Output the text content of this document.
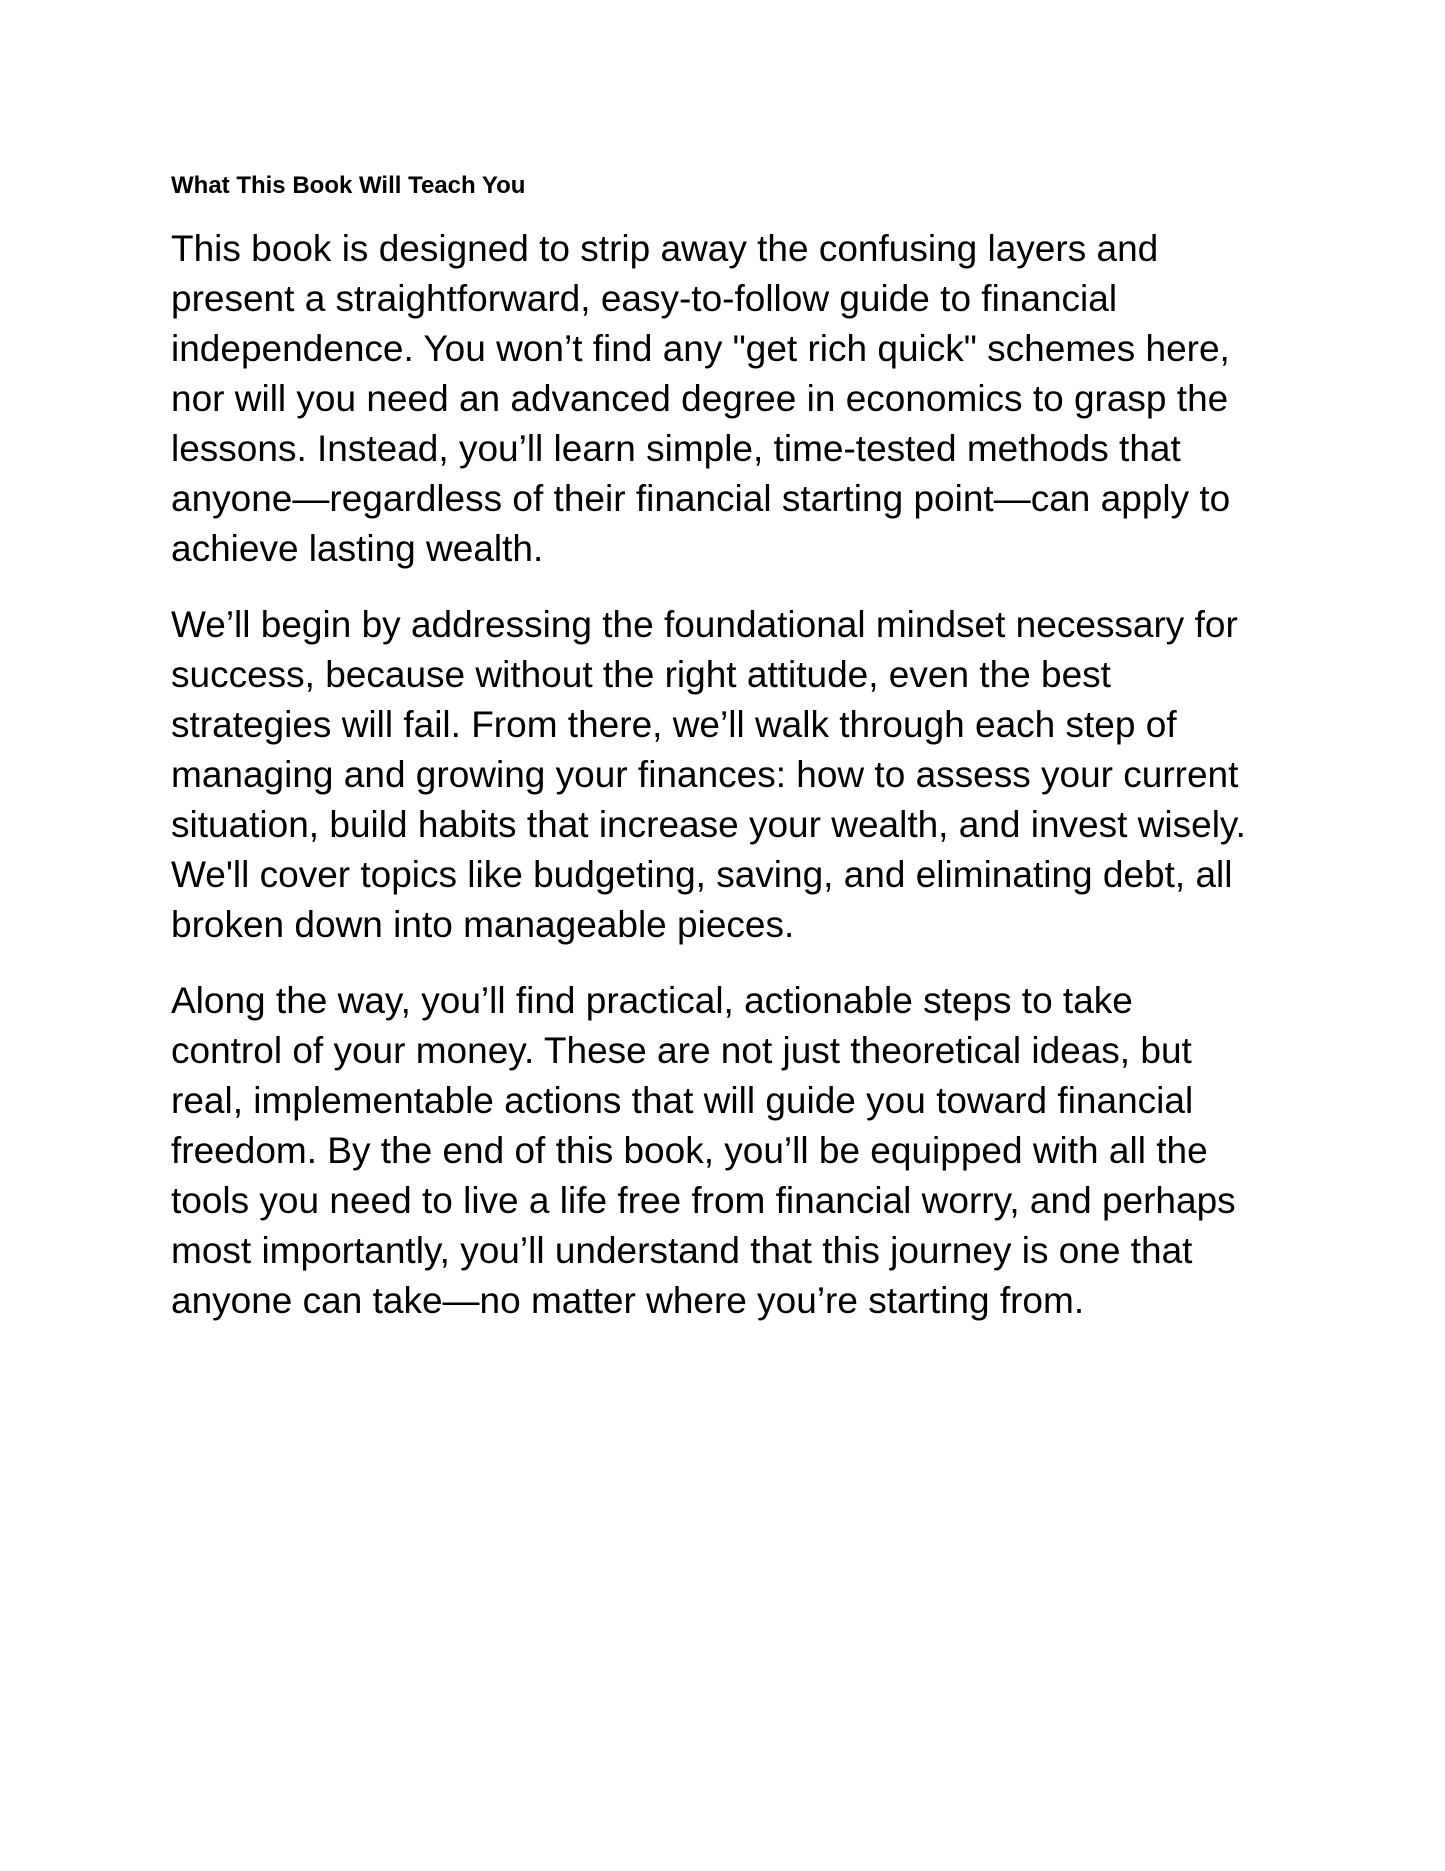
What This Book Will Teach You

This book is designed to strip away the confusing layers and
present a straightforward, easy-to-follow guide to financial
independence. You won’t find any "get rich quick" schemes here,
nor will you need an advanced degree in economics to grasp the
lessons. Instead, you’ll learn simple, time-tested methods that
anyone—regardless of their financial starting point—can apply to
achieve lasting wealth.

We’ll begin by addressing the foundational mindset necessary for
success, because without the right attitude, even the best
strategies will fail. From there, we’ll walk through each step of
managing and growing your finances: how to assess your current
situation, build habits that increase your wealth, and invest wisely.
We'll cover topics like budgeting, saving, and eliminating debt, all
broken down into manageable pieces.

Along the way, you’ll find practical, actionable steps to take
control of your money. These are not just theoretical ideas, but
real, implementable actions that will guide you toward financial
freedom. By the end of this book, you’ll be equipped with all the
tools you need to live a life free from financial worry, and perhaps
most importantly, you’ll understand that this journey is one that
anyone can take—no matter where you’re starting from.
